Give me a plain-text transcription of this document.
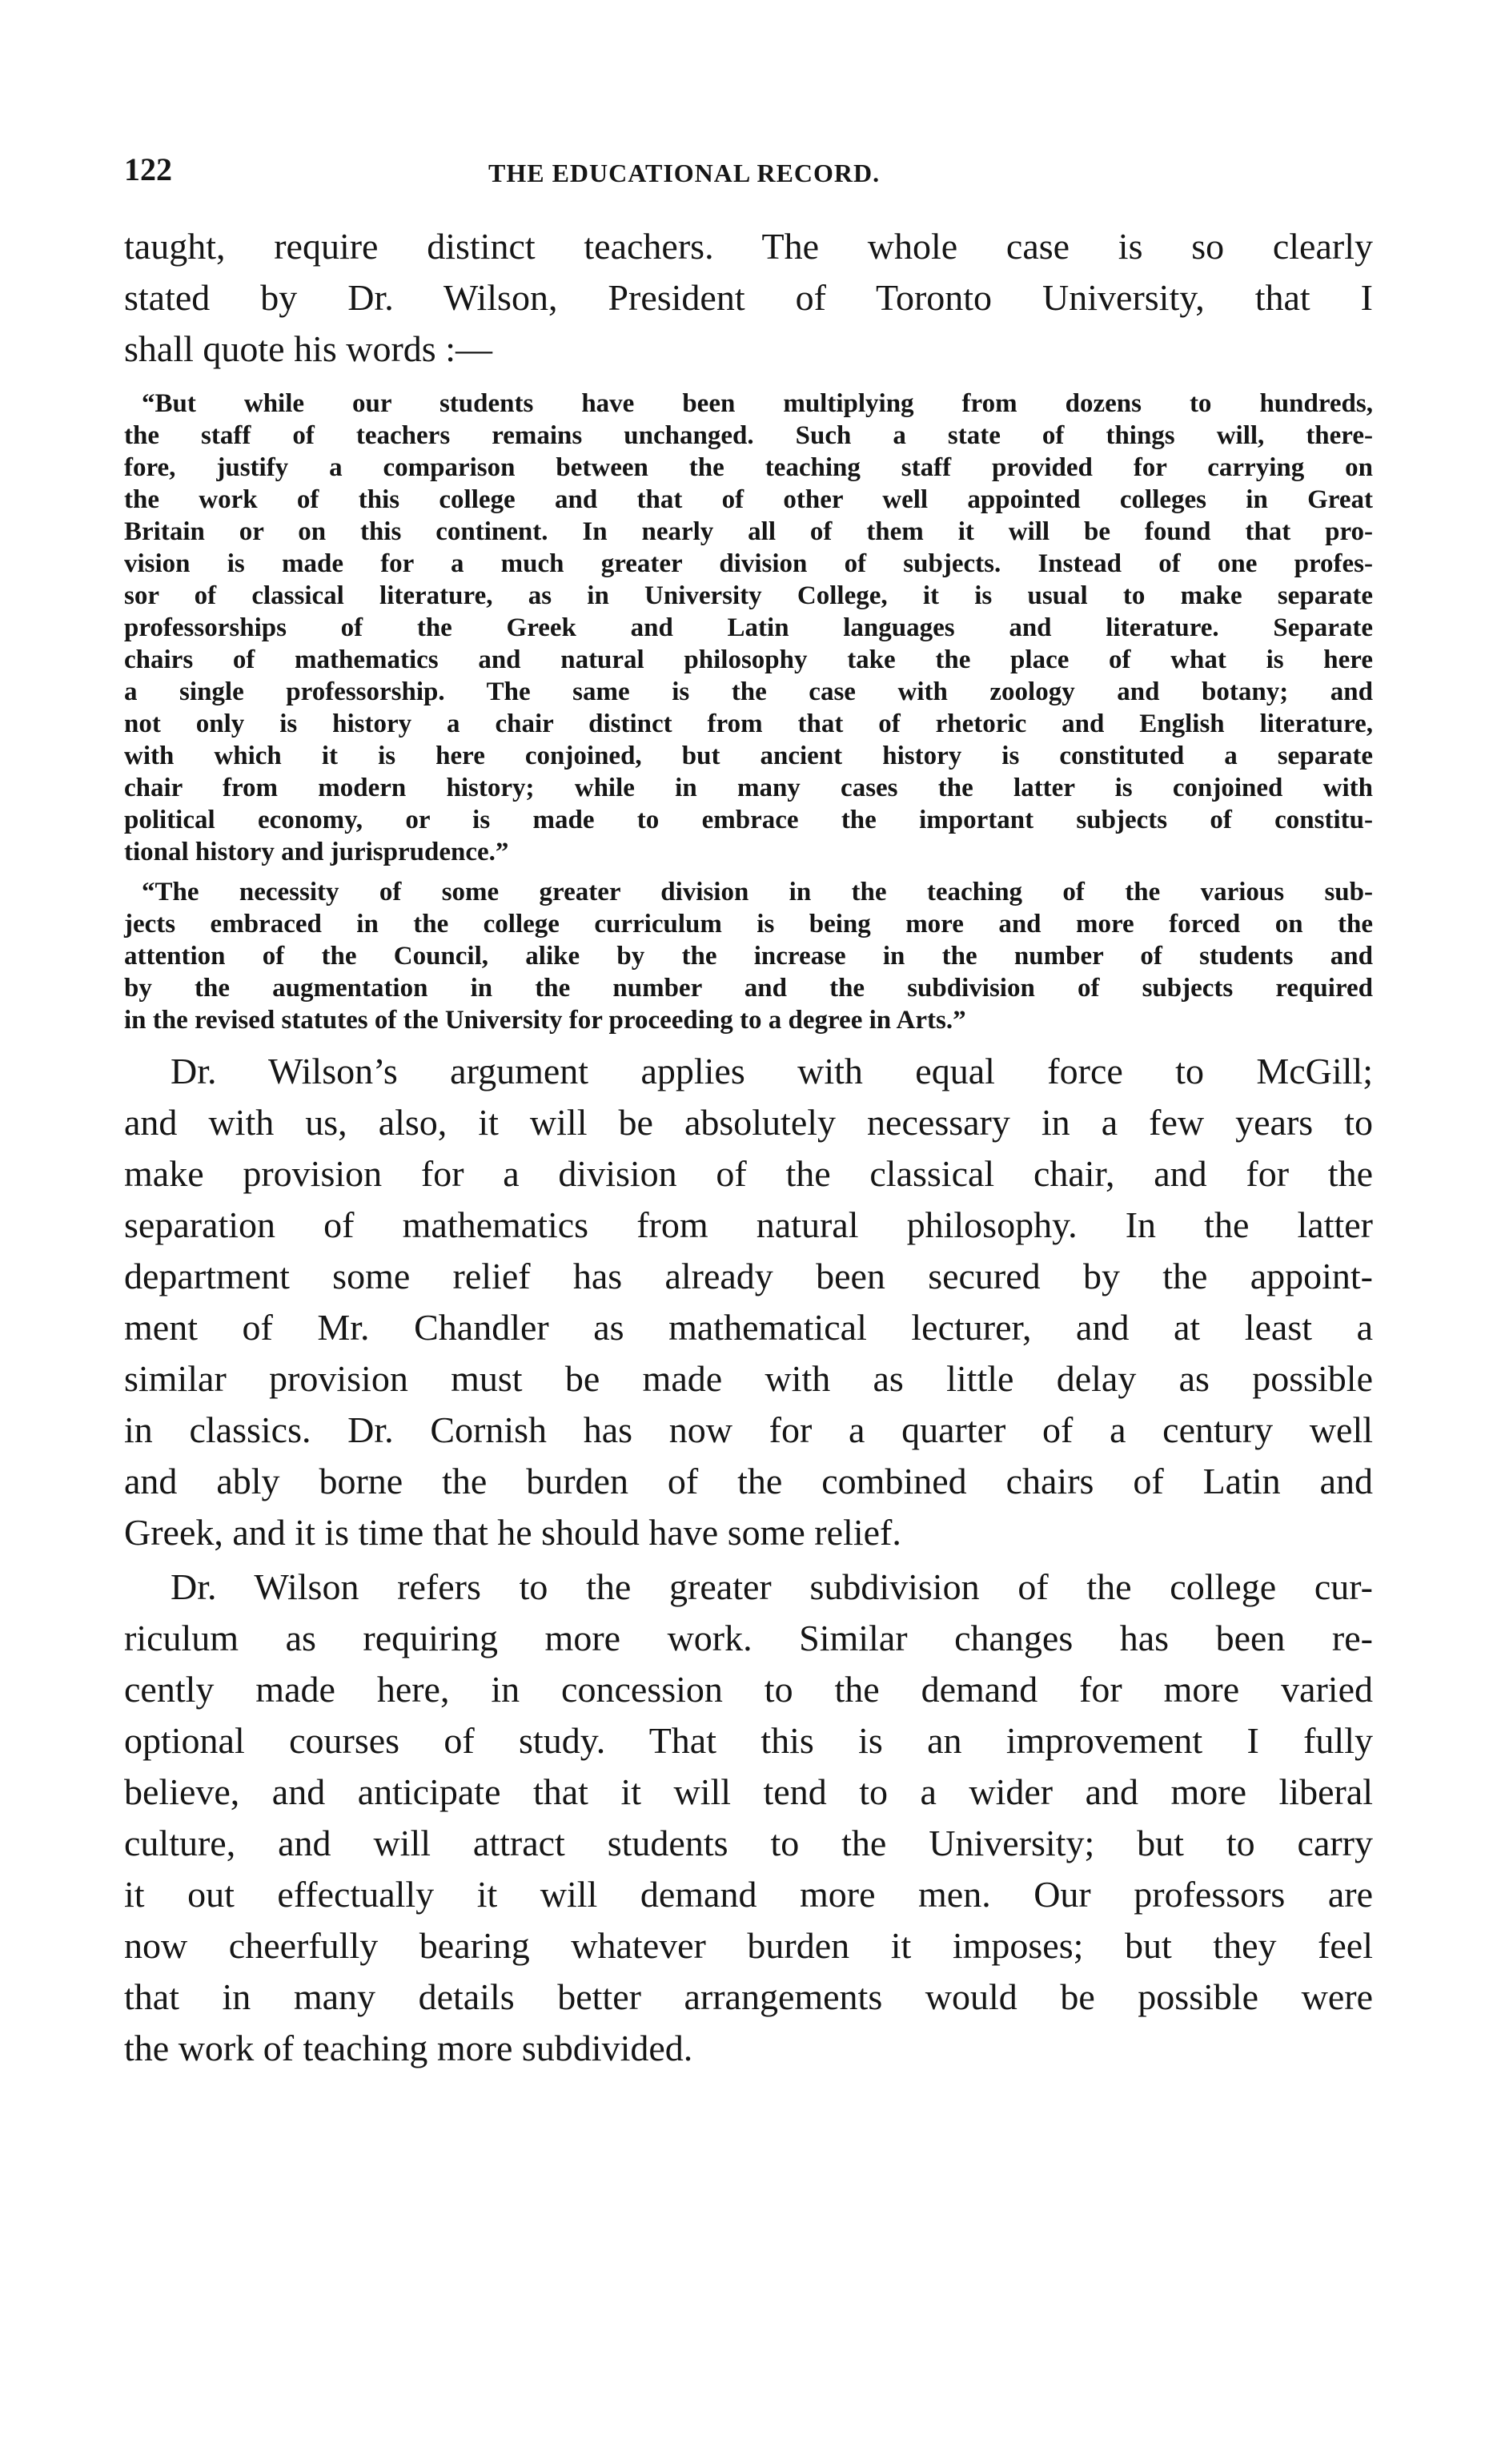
122	THE EDUCATIONAL RECORD.
taught, require distinct teachers. The whole case is so clearly
stated by Dr. Wilson, President of Toronto University, that I
shall quote his words :—
“But while our students have been multiplying from dozens to hundreds,
the staff of teachers remains unchanged. Such a state of things will, there-
fore, justify a comparison between the teaching staff provided for carrying on
the work of this college and that of other well appointed colleges in Great
Britain or on this continent. In nearly all of them it will be found that pro-
vision is made for a much greater division of subjects. Instead of one profes-
sor of classical literature, as in University College, it is usual to make separate
professorships of the Greek and Latin languages and literature. Separate
chairs of mathematics and natural philosophy take the place of what is here
a single professorship. The same is the case with zoology and botany; and
not only is history a chair distinct from that of rhetoric and English literature,
with which it is here conjoined, but ancient history is constituted a separate
chair from modern history; while in many cases the latter is conjoined with
political economy, or is made to embrace the important subjects of constitu-
tional history and jurisprudence.”
“The necessity of some greater division in the teaching of the various sub-
jects embraced in the college curriculum is being more and more forced on the
attention of the Council, alike by the increase in the number of students and
by the augmentation in the number and the subdivision of subjects required
in the revised statutes of the University for proceeding to a degree in Arts.”
Dr. Wilson’s argument applies with equal force to McGill;
and with us, also, it will be absolutely necessary in a few years to
make provision for a division of the classical chair, and for the
separation of mathematics from natural philosophy. In the latter
department some relief has already been secured by the appoint-
ment of Mr. Chandler as mathematical lecturer, and at least a
similar provision must be made with as little delay as possible
in classics. Dr. Cornish has now for a quarter of a century well
and ably borne the burden of the combined chairs of Latin and
Greek, and it is time that he should have some relief.
Dr. Wilson refers to the greater subdivision of the college cur-
riculum as requiring more work. Similar changes has been re-
cently made here, in concession to the demand for more varied
optional courses of study. That this is an improvement I fully
believe, and anticipate that it will tend to a wider and more liberal
culture, and will attract students to the University; but to carry
it out effectually it will demand more men. Our professors are
now cheerfully bearing whatever burden it imposes; but they feel
that in many details better arrangements would be possible were
the work of teaching more subdivided.
